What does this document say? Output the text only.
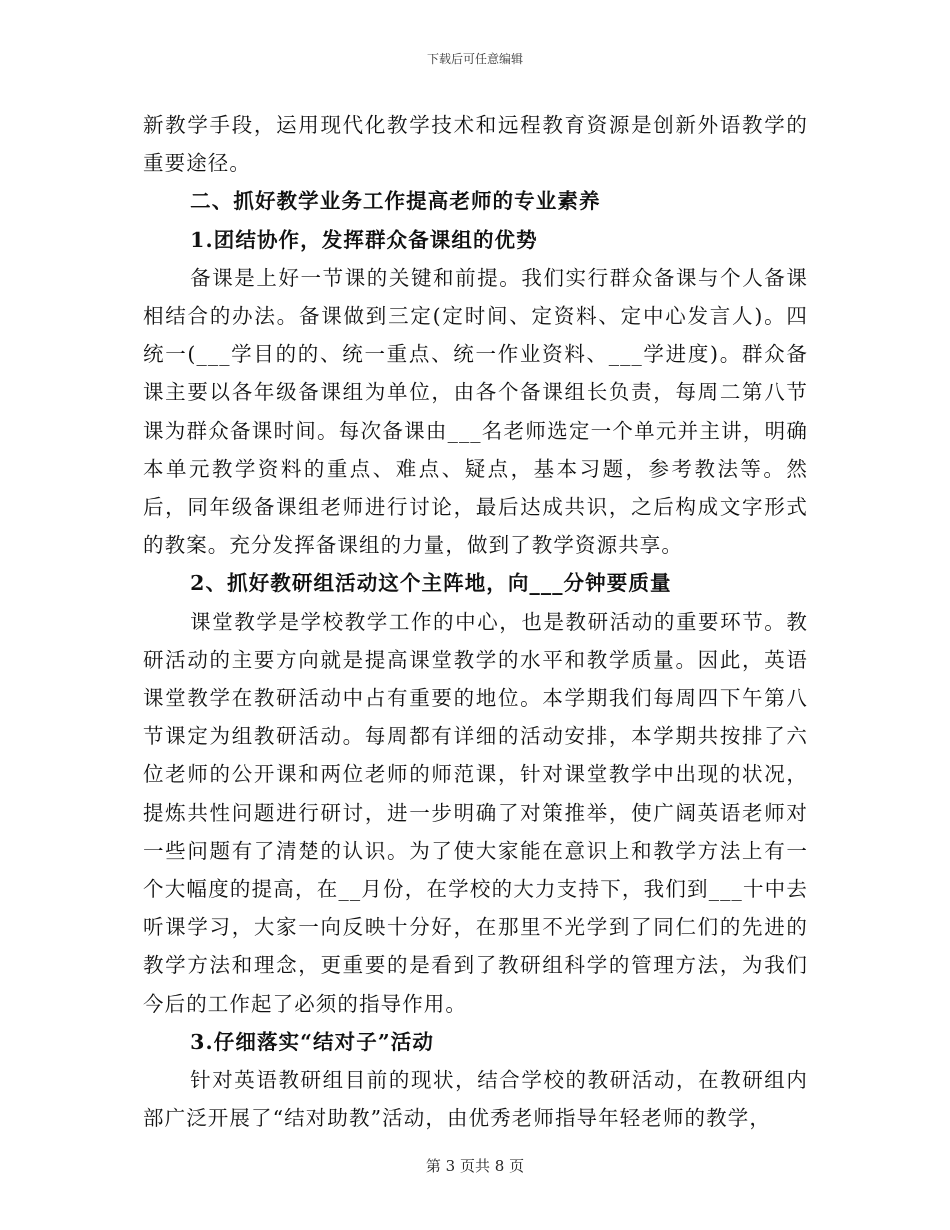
下载后可任意编辑

新教学手段，运用现代化教学技术和远程教育资源是创新外语教学的重要途径。

二、抓好教学业务工作提高老师的专业素养

1.团结协作，发挥群众备课组的优势

备课是上好一节课的关键和前提。我们实行群众备课与个人备课相结合的办法。备课做到三定(定时间、定资料、定中心发言人)。四统一(___学目的的、统一重点、统一作业资料、___学进度)。群众备课主要以各年级备课组为单位，由各个备课组长负责，每周二第八节课为群众备课时间。每次备课由___名老师选定一个单元并主讲，明确本单元教学资料的重点、难点、疑点，基本习题，参考教法等。然后，同年级备课组老师进行讨论，最后达成共识，之后构成文字形式的教案。充分发挥备课组的力量，做到了教学资源共享。

2、抓好教研组活动这个主阵地，向___分钟要质量

课堂教学是学校教学工作的中心，也是教研活动的重要环节。教研活动的主要方向就是提高课堂教学的水平和教学质量。因此，英语课堂教学在教研活动中占有重要的地位。本学期我们每周四下午第八节课定为组教研活动。每周都有详细的活动安排，本学期共按排了六位老师的公开课和两位老师的师范课，针对课堂教学中出现的状况，提炼共性问题进行研讨，进一步明确了对策推举，使广阔英语老师对一些问题有了清楚的认识。为了使大家能在意识上和教学方法上有一个大幅度的提高，在__月份，在学校的大力支持下，我们到___十中去听课学习，大家一向反映十分好，在那里不光学到了同仁们的先进的教学方法和理念，更重要的是看到了教研组科学的管理方法，为我们今后的工作起了必须的指导作用。

3.仔细落实“结对子”活动

针对英语教研组目前的现状，结合学校的教研活动，在教研组内部广泛开展了“结对助教”活动，由优秀老师指导年轻老师的教学，

第 3 页共 8 页
